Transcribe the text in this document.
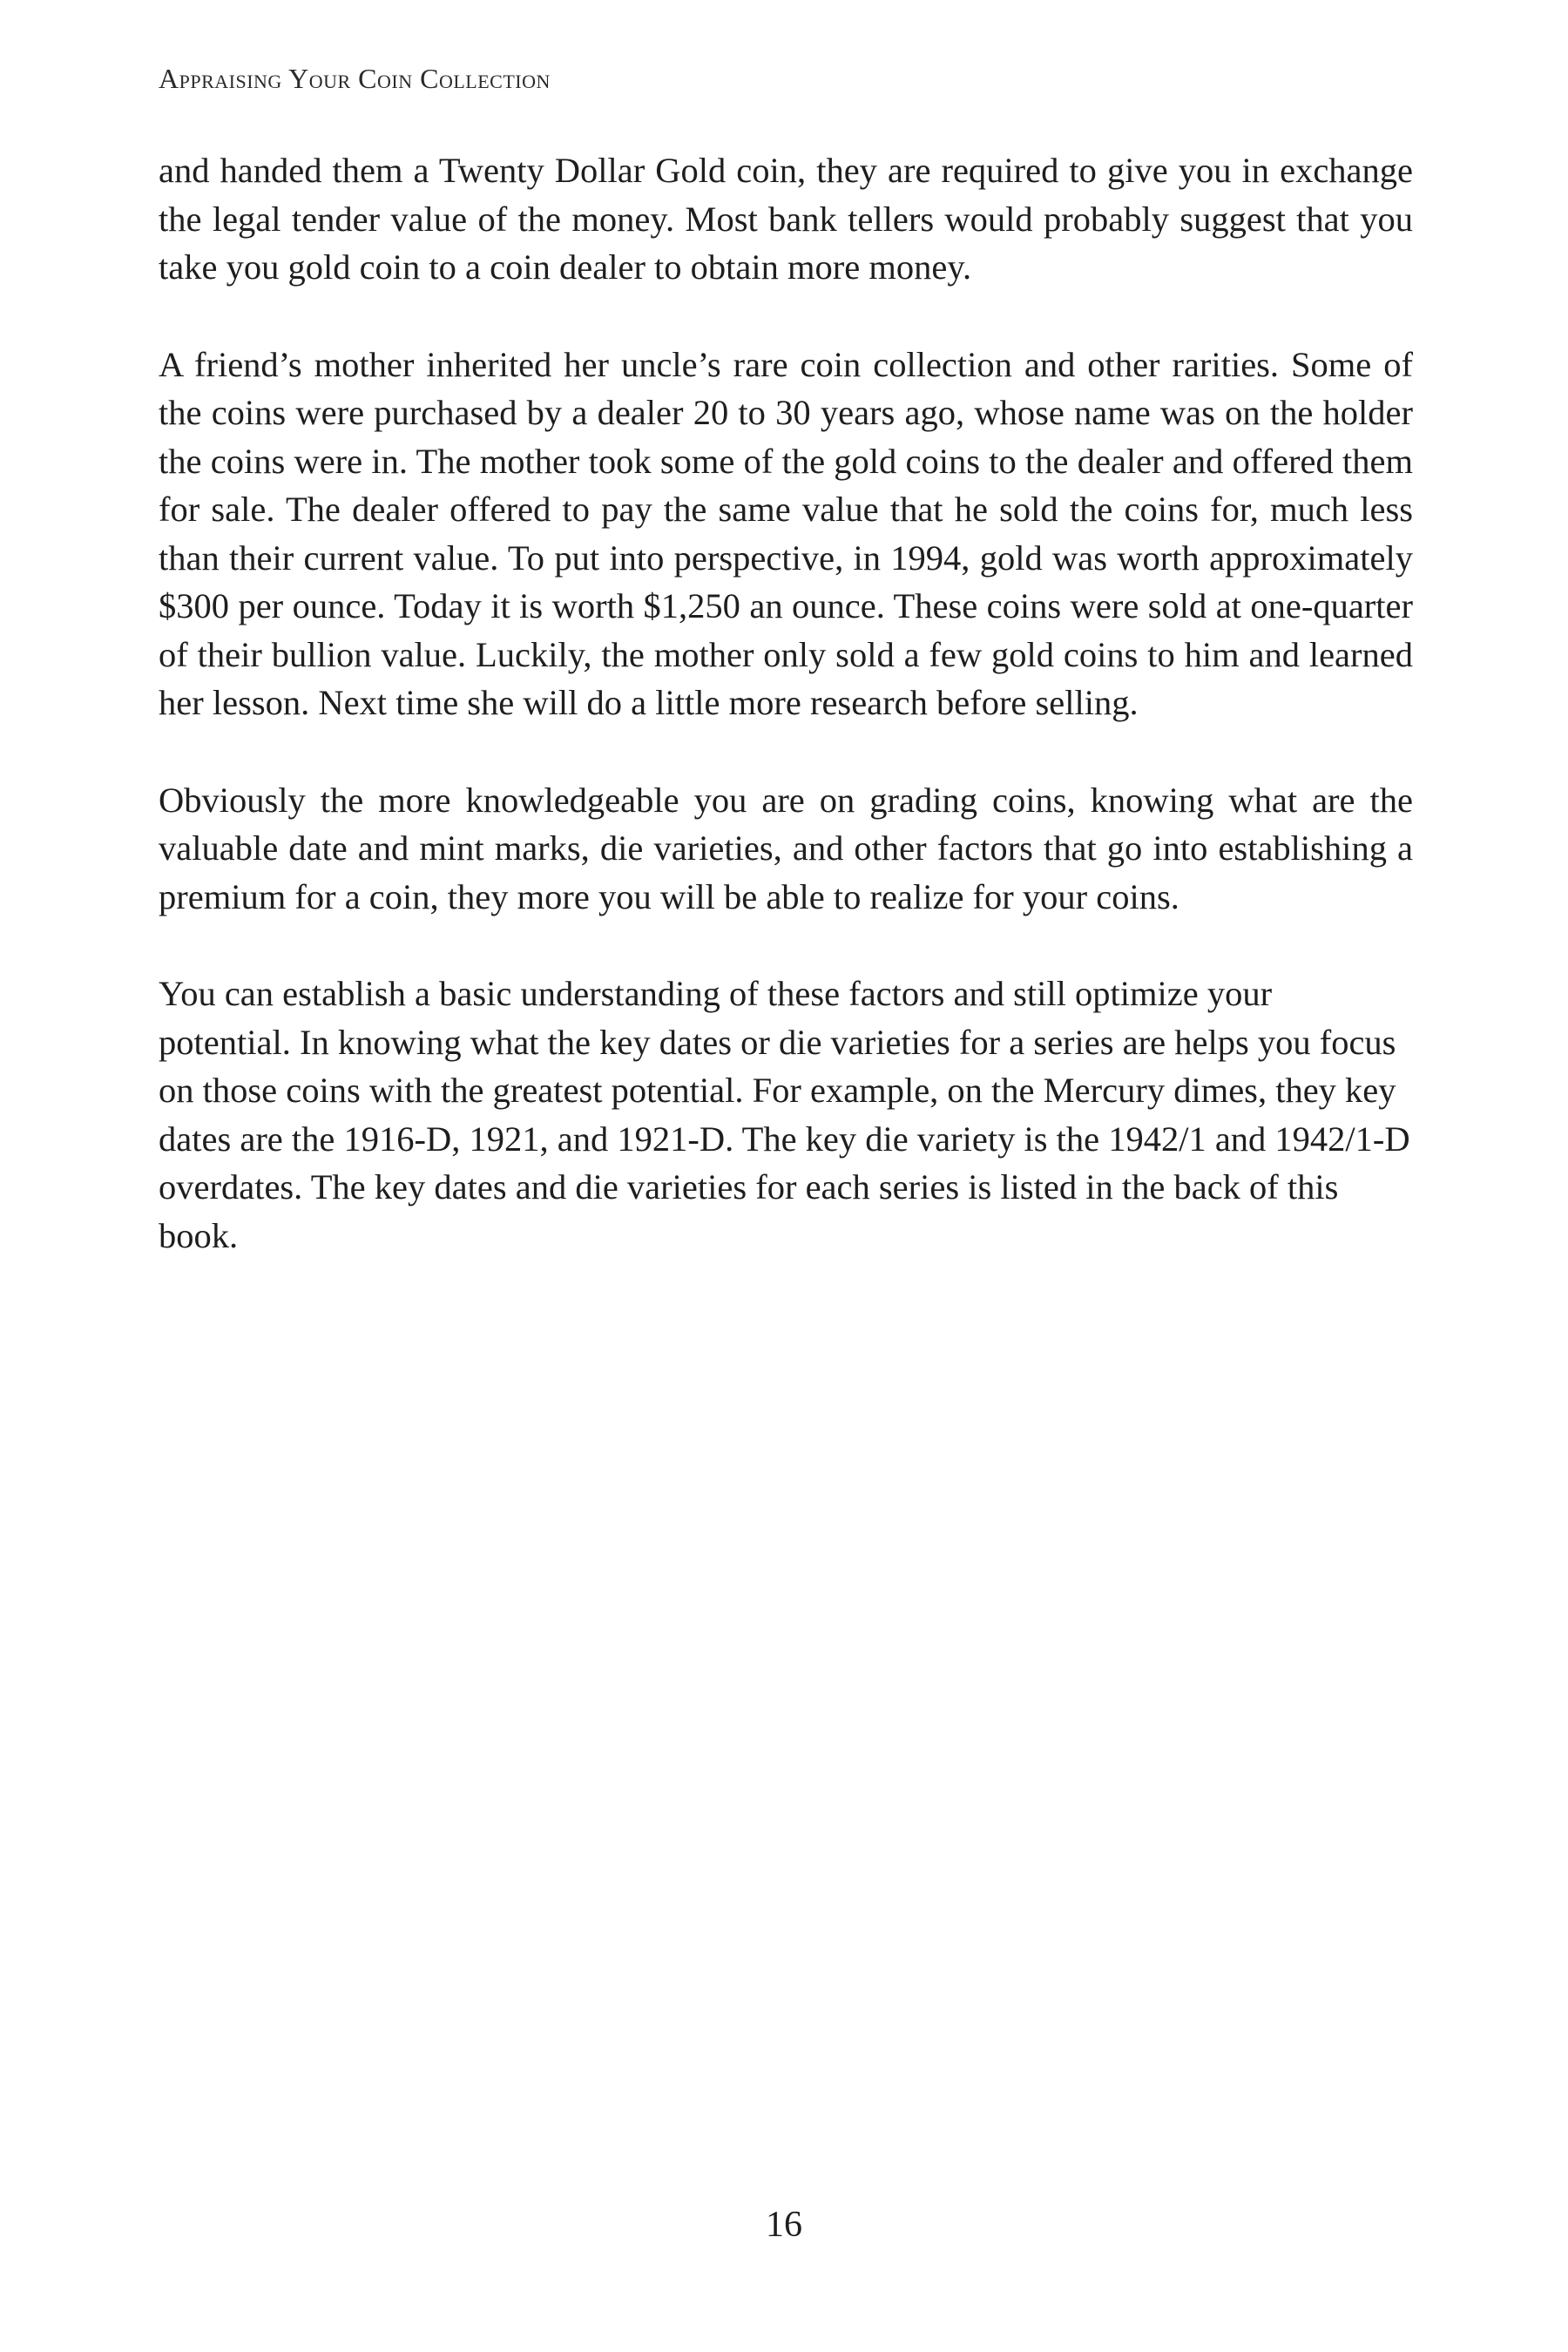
Appraising Your Coin Collection

and handed them a Twenty Dollar Gold coin, they are required to give you in exchange the legal tender value of the money. Most bank tellers would probably suggest that you take you gold coin to a coin dealer to obtain more money.

A friend’s mother inherited her uncle’s rare coin collection and other rarities. Some of the coins were purchased by a dealer 20 to 30 years ago, whose name was on the holder the coins were in. The mother took some of the gold coins to the dealer and offered them for sale. The dealer offered to pay the same value that he sold the coins for, much less than their current value. To put into perspective, in 1994, gold was worth approximately $300 per ounce. Today it is worth $1,250 an ounce. These coins were sold at one-quarter of their bullion value. Luckily, the mother only sold a few gold coins to him and learned her lesson. Next time she will do a little more research before selling.

Obviously the more knowledgeable you are on grading coins, knowing what are the valuable date and mint marks, die varieties, and other factors that go into establishing a premium for a coin, they more you will be able to realize for your coins.

You can establish a basic understanding of these factors and still optimize your potential. In knowing what the key dates or die varieties for a series are helps you focus on those coins with the greatest potential. For example, on the Mercury dimes, they key dates are the 1916-D, 1921, and 1921-D. The key die variety is the 1942/1 and 1942/1-D overdates. The key dates and die varieties for each series is listed in the back of this book.

16
